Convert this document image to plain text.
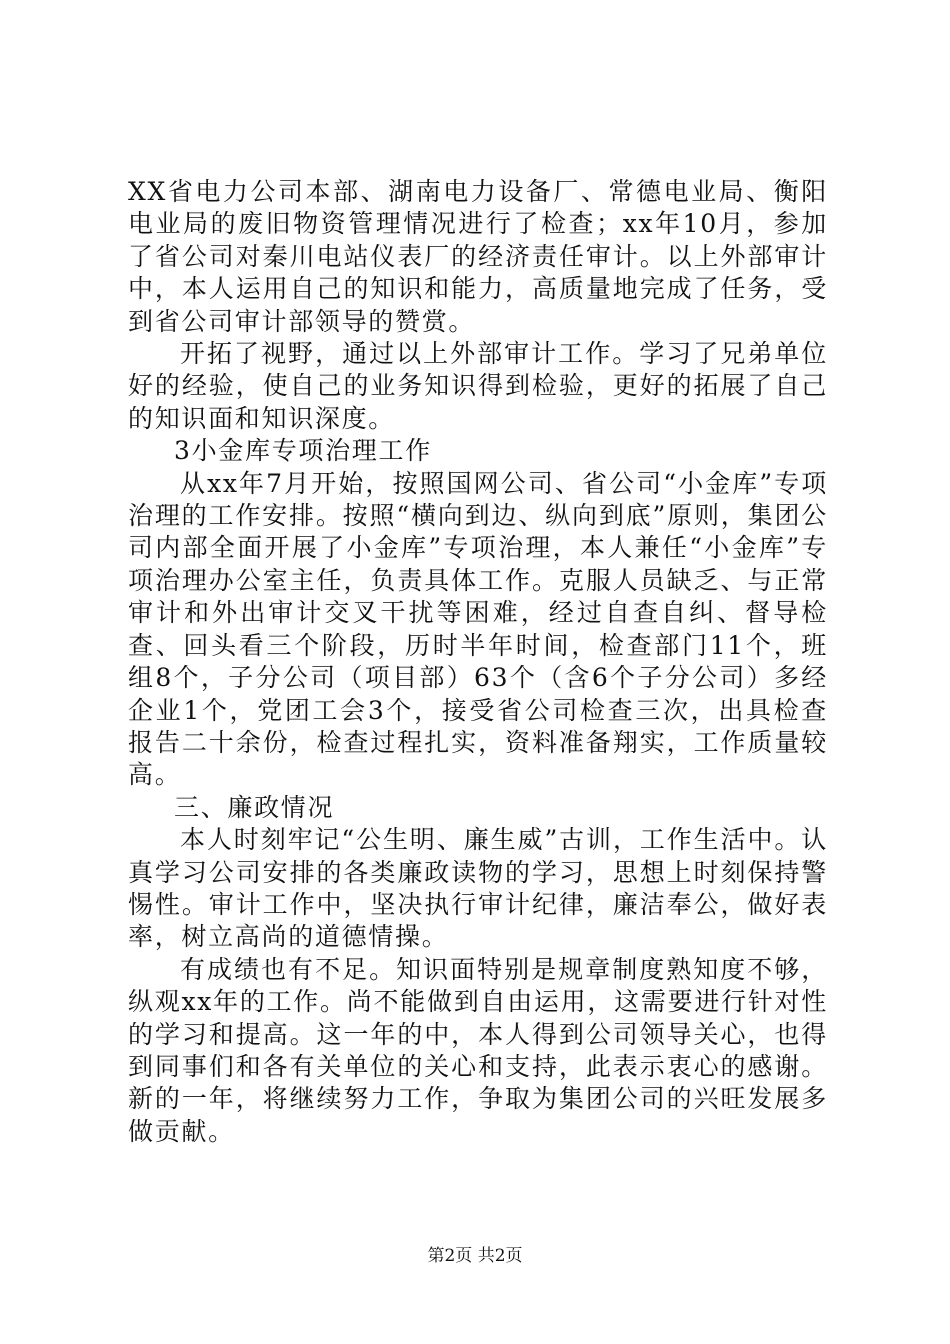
XX省电力公司本部、湖南电力设备厂、常德电业局、衡阳电业局的废旧物资管理情况进行了检查；xx年10月，参加了省公司对秦川电站仪表厂的经济责任审计。以上外部审计中，本人运用自己的知识和能力，高质量地完成了任务，受到省公司审计部领导的赞赏。

开拓了视野，通过以上外部审计工作。学习了兄弟单位好的经验，使自己的业务知识得到检验，更好的拓展了自己的知识面和知识深度。

3小金库专项治理工作

从xx年7月开始，按照国网公司、省公司“小金库”专项治理的工作安排。按照“横向到边、纵向到底”原则，集团公司内部全面开展了小金库”专项治理，本人兼任“小金库”专项治理办公室主任，负责具体工作。克服人员缺乏、与正常审计和外出审计交叉干扰等困难，经过自查自纠、督导检查、回头看三个阶段，历时半年时间，检查部门11个，班组8个，子分公司（项目部）63个（含6个子分公司）多经企业1个，党团工会3个，接受省公司检查三次，出具检查报告二十余份，检查过程扎实，资料准备翔实，工作质量较高。

三、廉政情况

本人时刻牢记“公生明、廉生威”古训，工作生活中。认真学习公司安排的各类廉政读物的学习，思想上时刻保持警惕性。审计工作中，坚决执行审计纪律，廉洁奉公，做好表率，树立高尚的道德情操。

有成绩也有不足。知识面特别是规章制度熟知度不够，纵观xx年的工作。尚不能做到自由运用，这需要进行针对性的学习和提高。这一年的中，本人得到公司领导关心，也得到同事们和各有关单位的关心和支持，此表示衷心的感谢。新的一年，将继续努力工作，争取为集团公司的兴旺发展多做贡献。

第2页 共2页
